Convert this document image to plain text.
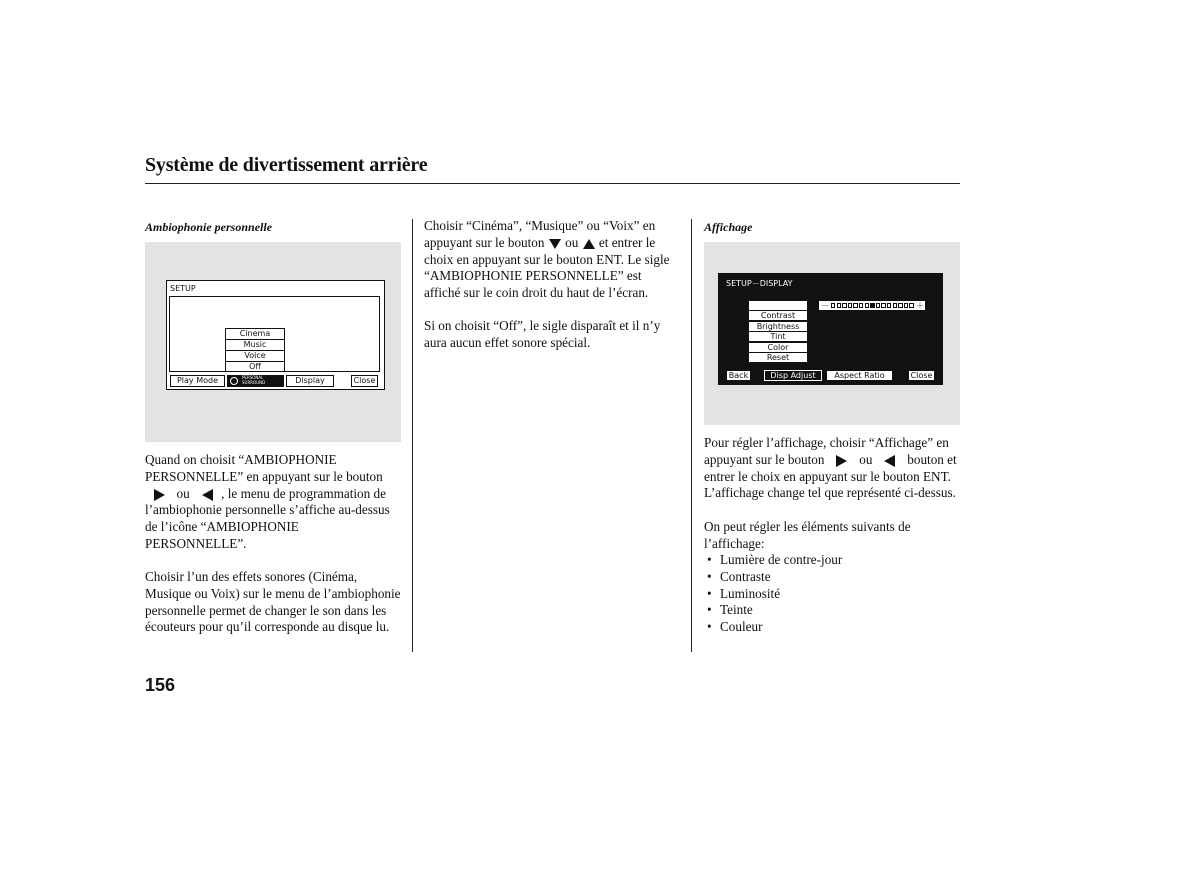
Système de divertissement arrière
Ambiophonie personnelle
SETUP
Cinema
Music
Voice
Off
Play Mode	PERSONAL
SURROUND	Display	Close

Quand on choisit “AMBIOPHONIE PERSONNELLE” en appuyant sur le bouton
ou , le menu de programmation de l’ambiophonie personnelle s’affiche au-dessus de l’icône “AMBIOPHONIE PERSONNELLE”.

Choisir l’un des effets sonores (Cinéma, Musique ou Voix) sur le menu de l’ambiophonie personnelle permet de changer le son dans les écouteurs pour qu’il corresponde au disque lu.

Choisir “Cinéma”, “Musique” ou “Voix” en appuyant sur le bouton ou et entrer le choix en appuyant sur le bouton ENT. Le sigle “AMBIOPHONIE PERSONNELLE” est affiché sur le coin droit du haut de l’écran.

Si on choisit “Off”, le sigle disparaît et il n’y aura aucun effet sonore spécial.
Affichage
SETUP－DISPLAY
Back Light
Contrast
Brightness
Tint
Color
Reset
－	＋
Back	Disp Adjust	Aspect Ratio	Close

Pour régler l’affichage, choisir “Affichage” en appuyant sur le bouton	ou	bouton et entrer le choix en appuyant sur le bouton ENT. L’affichage change tel que représenté ci-dessus.

On peut régler les éléments suivants de l’affichage:
• Lumière de contre-jour
• Contraste
• Luminosité
• Teinte
• Couleur
156
